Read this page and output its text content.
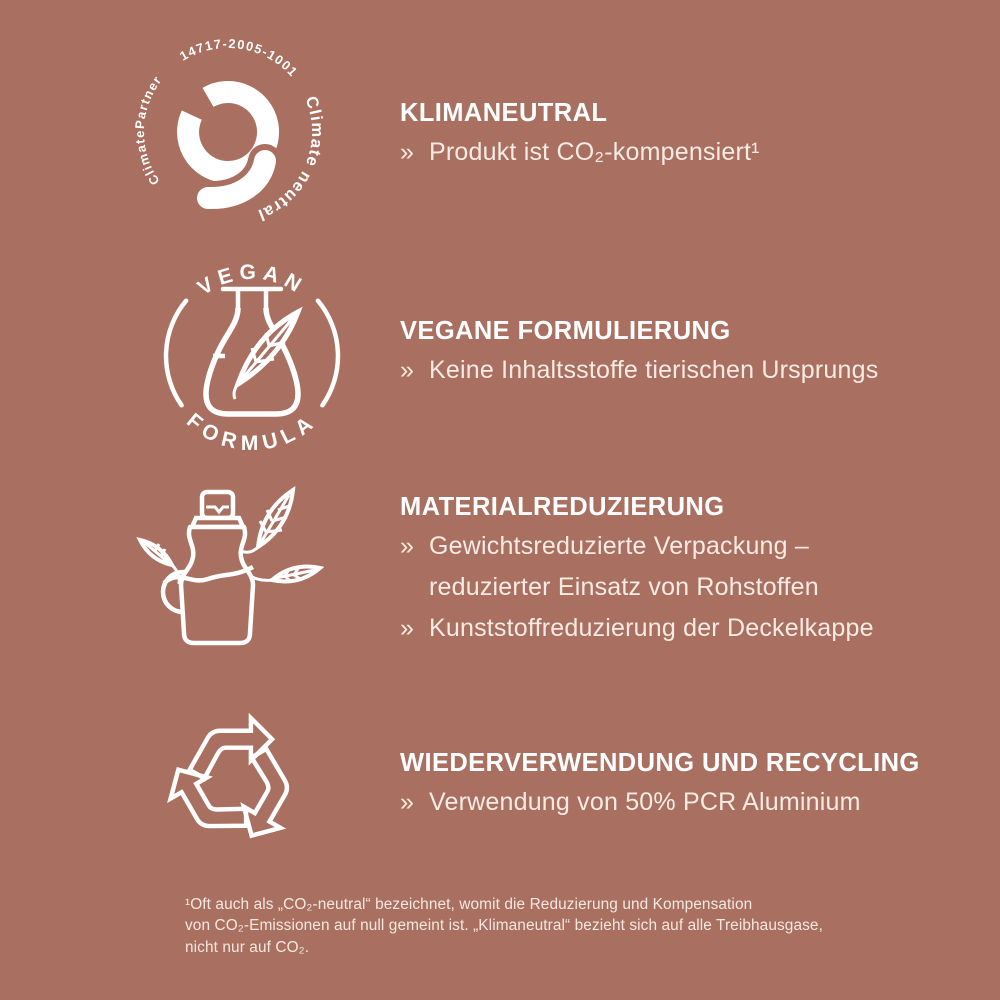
ClimatePartner
14717-2005-1001
Climate neutral
VEGAN
FORMULA
KLIMANEUTRAL
» Produkt ist CO₂-kompensiert¹
VEGANE FORMULIERUNG
» Keine Inhaltsstoffe tierischen Ursprungs
MATERIALREDUZIERUNG
» Gewichtsreduzierte Verpackung –
reduzierter Einsatz von Rohstoffen
» Kunststoffreduzierung der Deckelkappe
WIEDERVERWENDUNG UND RECYCLING
» Verwendung von 50% PCR Aluminium
¹Oft auch als „CO₂-neutral“ bezeichnet, womit die Reduzierung und Kompensation
von CO₂-Emissionen auf null gemeint ist. „Klimaneutral“ bezieht sich auf alle Treibhausgase,
nicht nur auf CO₂.
